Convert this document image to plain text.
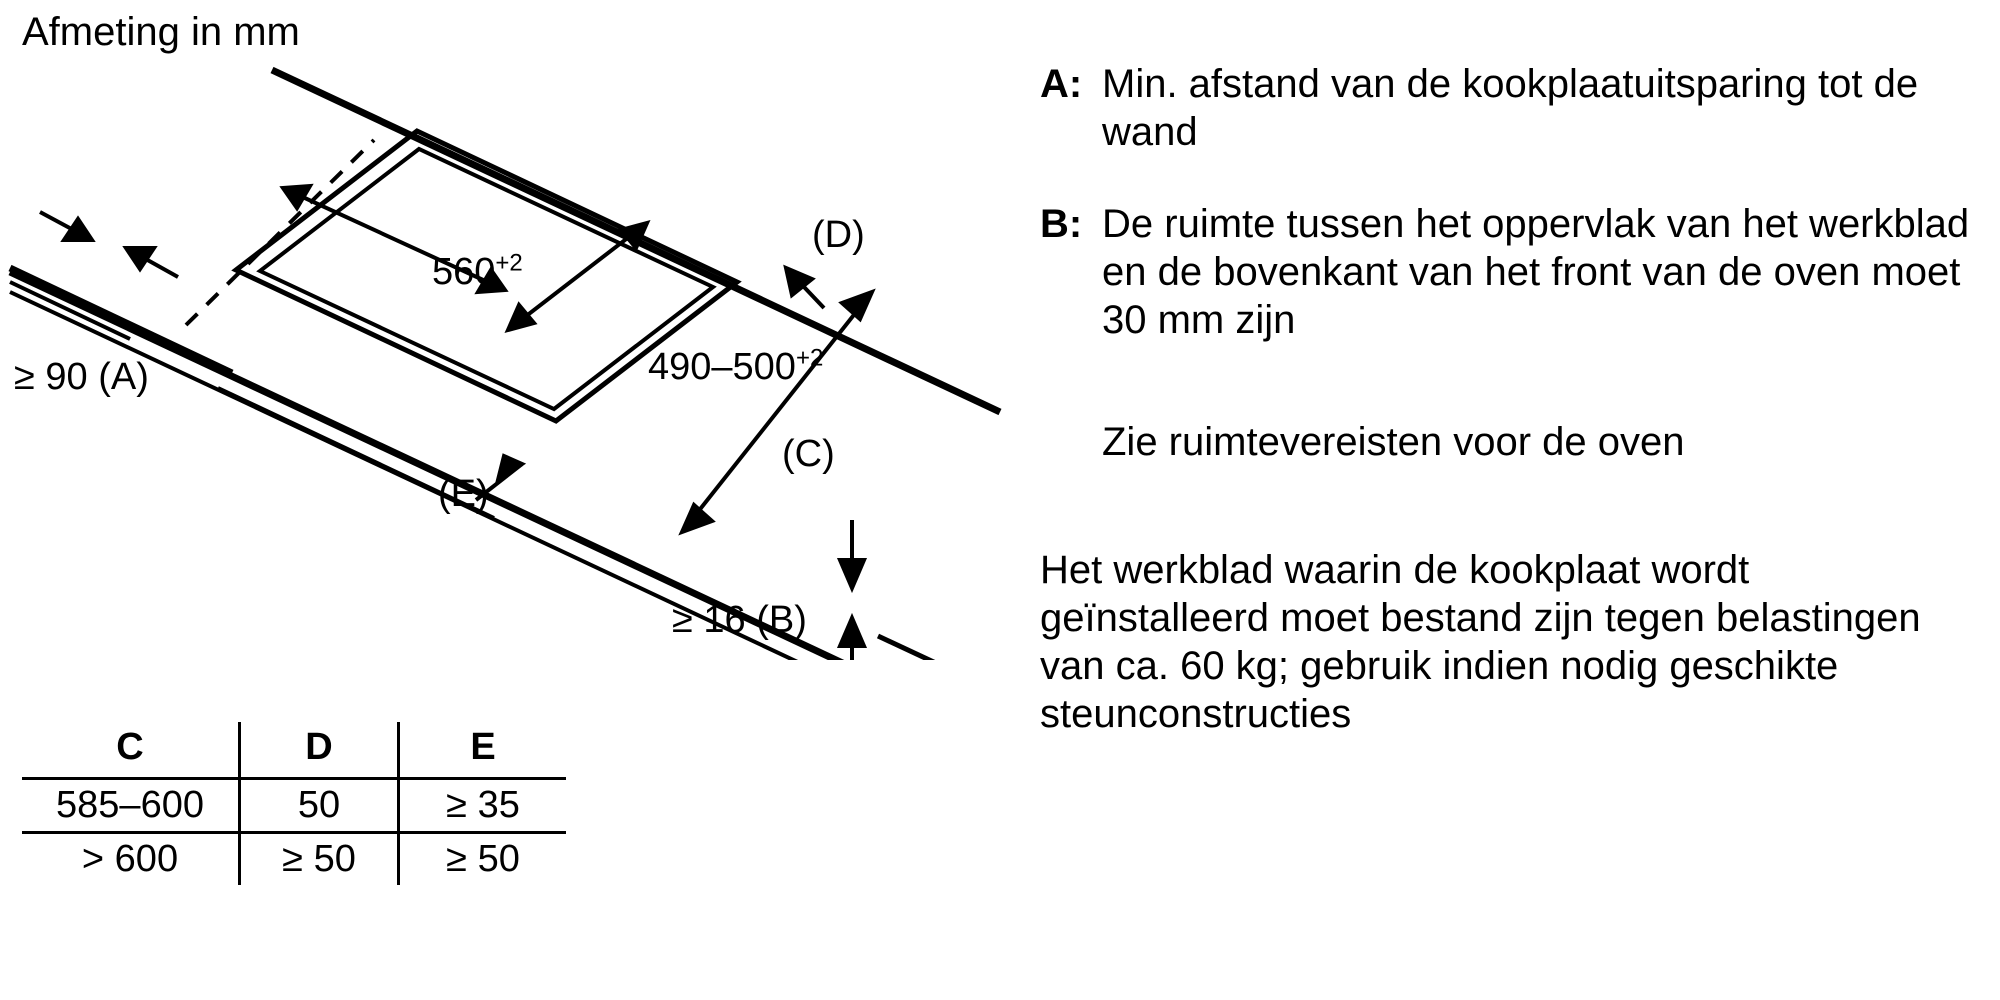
Afmeting in mm
$560^{+2}$
$490-500^{+2}$
≥ 90 (A)
≥ 16 (B)
(C)
(D)
(E)
C	D	E
585–600	50	≥ 35
> 600	≥ 50	≥ 50
A: Min. afstand van de kookplaatuitsparing tot de wand
B: De ruimte tussen het oppervlak van het werkblad en de bovenkant van het front van de oven moet 30 mm zijn
Zie ruimtevereisten voor de oven
Het werkblad waarin de kookplaat wordt geïnstalleerd moet bestand zijn tegen belastingen van ca. 60 kg; gebruik indien nodig geschikte steunconstructies
